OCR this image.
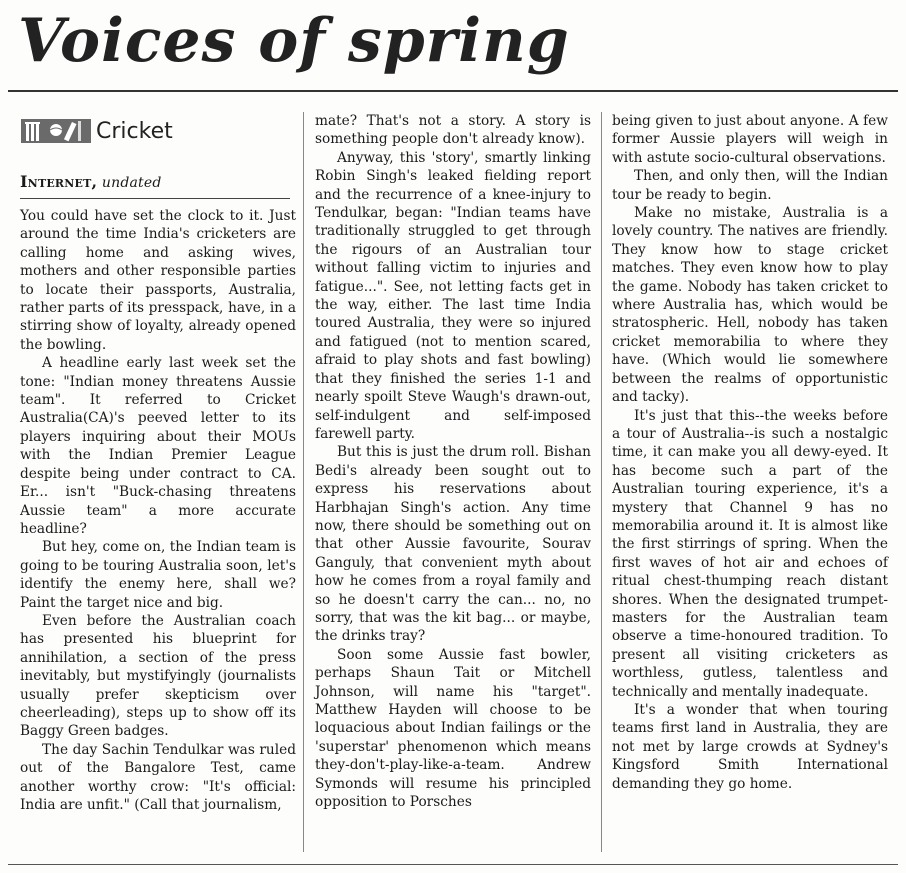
Voices of spring
Cricket
Internet, undated

You could have set the clock to it. Just around the time India's cricketers are calling home and asking wives, mothers and other responsible parties to locate their passports, Australia, rather parts of its presspack, have, in a stirring show of loyalty, already opened the bowling.

A headline early last week set the tone: "Indian money threatens Aussie team". It referred to Cricket Australia(CA)'s peeved letter to its players inquiring about their MOUs with the Indian Premier League despite being under contract to CA. Er... isn't "Buck-chasing threatens Aussie team" a more accurate headline?

But hey, come on, the Indian team is going to be touring Australia soon, let's identify the enemy here, shall we? Paint the target nice and big.

Even before the Australian coach has presented his blueprint for annihilation, a section of the press inevitably, but mystifyingly (journalists usually prefer skepticism over cheerleading), steps up to show off its Baggy Green badges.

The day Sachin Tendulkar was ruled out of the Bangalore Test, came another worthy crow: "It's official: India are unfit." (Call that journalism,

mate? That's not a story. A story is something people don't already know).

Anyway, this 'story', smartly linking Robin Singh's leaked fielding report and the recurrence of a knee-injury to Tendulkar, began: "Indian teams have traditionally struggled to get through the rigours of an Australian tour without falling victim to injuries and fatigue...". See, not letting facts get in the way, either. The last time India toured Australia, they were so injured and fatigued (not to mention scared, afraid to play shots and fast bowling) that they finished the series 1-1 and nearly spoilt Steve Waugh's drawn-out, self-indulgent and self-imposed farewell party.

But this is just the drum roll. Bishan Bedi's already been sought out to express his reservations about Harbhajan Singh's action. Any time now, there should be something out on that other Aussie favourite, Sourav Ganguly, that convenient myth about how he comes from a royal family and so he doesn't carry the can... no, no sorry, that was the kit bag... or maybe, the drinks tray?

Soon some Aussie fast bowler, perhaps Shaun Tait or Mitchell Johnson, will name his "target". Matthew Hayden will choose to be loquacious about Indian failings or the 'superstar' phenomenon which means they-don't-play-like-a-team. Andrew Symonds will resume his principled opposition to Porsches

being given to just about anyone. A few former Aussie players will weigh in with astute socio-cultural observations.

Then, and only then, will the Indian tour be ready to begin.

Make no mistake, Australia is a lovely country. The natives are friendly. They know how to stage cricket matches. They even know how to play the game. Nobody has taken cricket to where Australia has, which would be stratospheric. Hell, nobody has taken cricket memorabilia to where they have. (Which would lie somewhere between the realms of opportunistic and tacky).

It's just that this--the weeks before a tour of Australia--is such a nostalgic time, it can make you all dewy-eyed. It has become such a part of the Australian touring experience, it's a mystery that Channel 9 has no memorabilia around it. It is almost like the first stirrings of spring. When the first waves of hot air and echoes of ritual chest-thumping reach distant shores. When the designated trumpet-masters for the Australian team observe a time-honoured tradition. To present all visiting cricketers as worthless, gutless, talentless and technically and mentally inadequate.

It's a wonder that when touring teams first land in Australia, they are not met by large crowds at Sydney's Kingsford Smith International demanding they go home.
